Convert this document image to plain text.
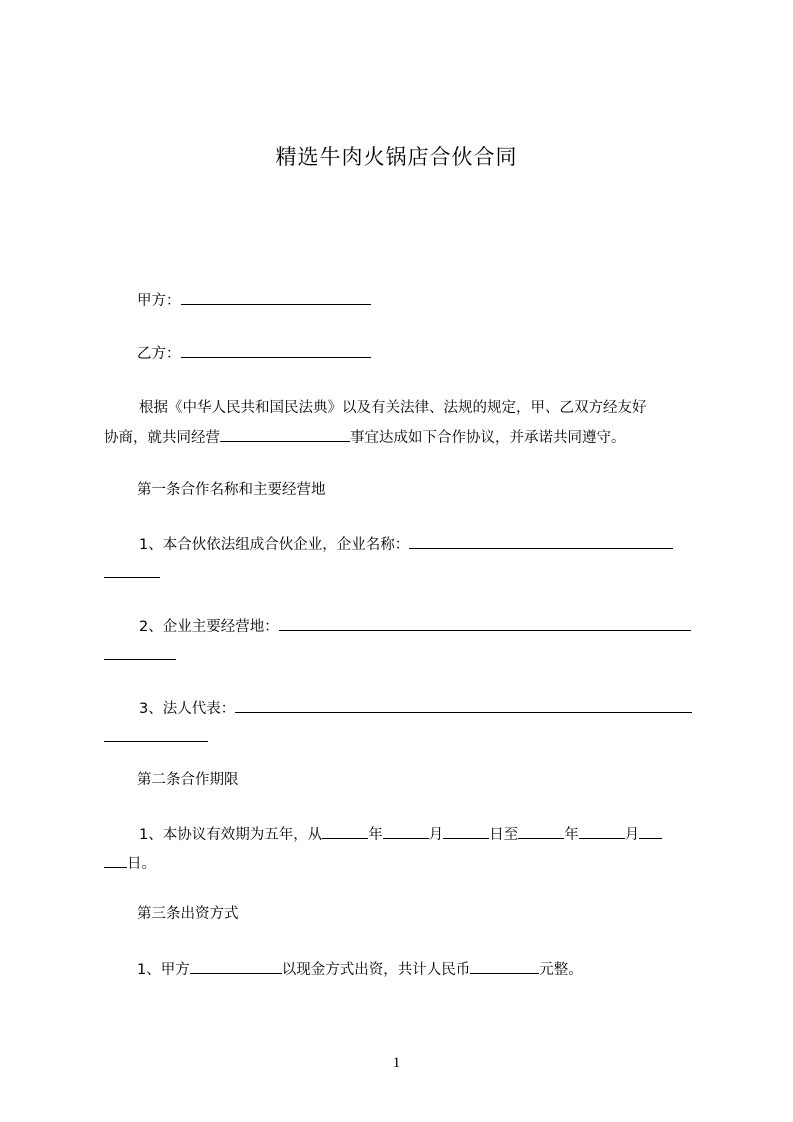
精选牛肉火锅店合伙合同
甲方：
乙方：
根据《中华人民共和国民法典》以及有关法律、法规的规定，甲、乙双方经友好
协商，就共同经营	事宜达成如下合作协议，并承诺共同遵守。
第一条合作名称和主要经营地
1、本合伙依法组成合伙企业，企业名称：
2、企业主要经营地：
3、法人代表：
第二条合作期限
1、本协议有效期为五年，从	年	月	日至	年	月
日。
第三条出资方式
1、甲方	以现金方式出资，共计人民币	元整。
1
